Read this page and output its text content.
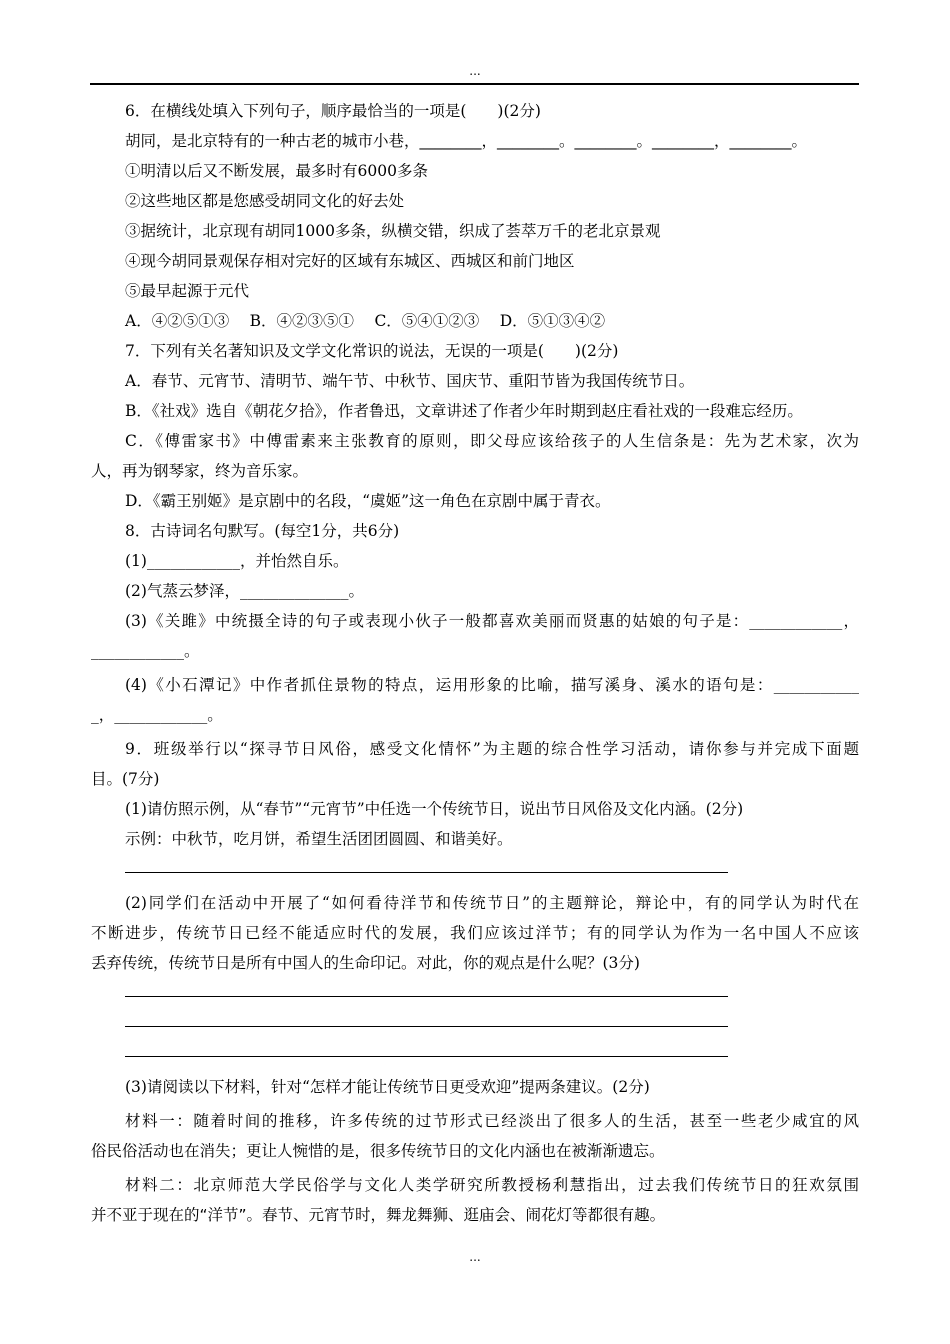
...
6．在横线处填入下列句子，顺序最恰当的一项是(　　)(2分)
胡同，是北京特有的一种古老的城市小巷，________，________。________。________，________。
①明清以后又不断发展，最多时有6000多条
②这些地区都是您感受胡同文化的好去处
③据统计，北京现有胡同1000多条，纵横交错，织成了荟萃万千的老北京景观
④现今胡同景观保存相对完好的区域有东城区、西城区和前门地区
⑤最早起源于元代
A．④②⑤①③　 B．④②③⑤①　 C．⑤④①②③　 D．⑤①③④②
7．下列有关名著知识及文学文化常识的说法，无误的一项是(　　)(2分)
A．春节、元宵节、清明节、端午节、中秋节、国庆节、重阳节皆为我国传统节日。
B．《社戏》选自《朝花夕拾》，作者鲁迅，文章讲述了作者少年时期到赵庄看社戏的一段难忘经历。
C．《傅雷家书》中傅雷素来主张教育的原则，即父母应该给孩子的人生信条是：先为艺术家，次为
人，再为钢琴家，终为音乐家。
D．《霸王别姬》是京剧中的名段，“虞姬”这一角色在京剧中属于青衣。
8．古诗词名句默写。(每空1分，共6分)
(1)____________，并怡然自乐。
(2)气蒸云梦泽，______________。
(3)《关雎》中统摄全诗的句子或表现小伙子一般都喜欢美丽而贤惠的姑娘的句子是：____________，
____________。
(4)《小石潭记》中作者抓住景物的特点，运用形象的比喻，描写溪身、溪水的语句是：___________
_，____________。
9．班级举行以“探寻节日风俗，感受文化情怀”为主题的综合性学习活动，请你参与并完成下面题
目。(7分)
(1)请仿照示例，从“春节”“元宵节”中任选一个传统节日，说出节日风俗及文化内涵。(2分)
示例：中秋节，吃月饼，希望生活团团圆圆、和谐美好。
(2)同学们在活动中开展了“如何看待洋节和传统节日”的主题辩论，辩论中，有的同学认为时代在
不断进步，传统节日已经不能适应时代的发展，我们应该过洋节；有的同学认为作为一名中国人不应该
丢弃传统，传统节日是所有中国人的生命印记。对此，你的观点是什么呢？(3分)
(3)请阅读以下材料，针对“怎样才能让传统节日更受欢迎”提两条建议。(2分)
材料一：随着时间的推移，许多传统的过节形式已经淡出了很多人的生活，甚至一些老少咸宜的风
俗民俗活动也在消失；更让人惋惜的是，很多传统节日的文化内涵也在被渐渐遗忘。
材料二：北京师范大学民俗学与文化人类学研究所教授杨利慧指出，过去我们传统节日的狂欢氛围
并不亚于现在的“洋节”。春节、元宵节时，舞龙舞狮、逛庙会、闹花灯等都很有趣。
...
